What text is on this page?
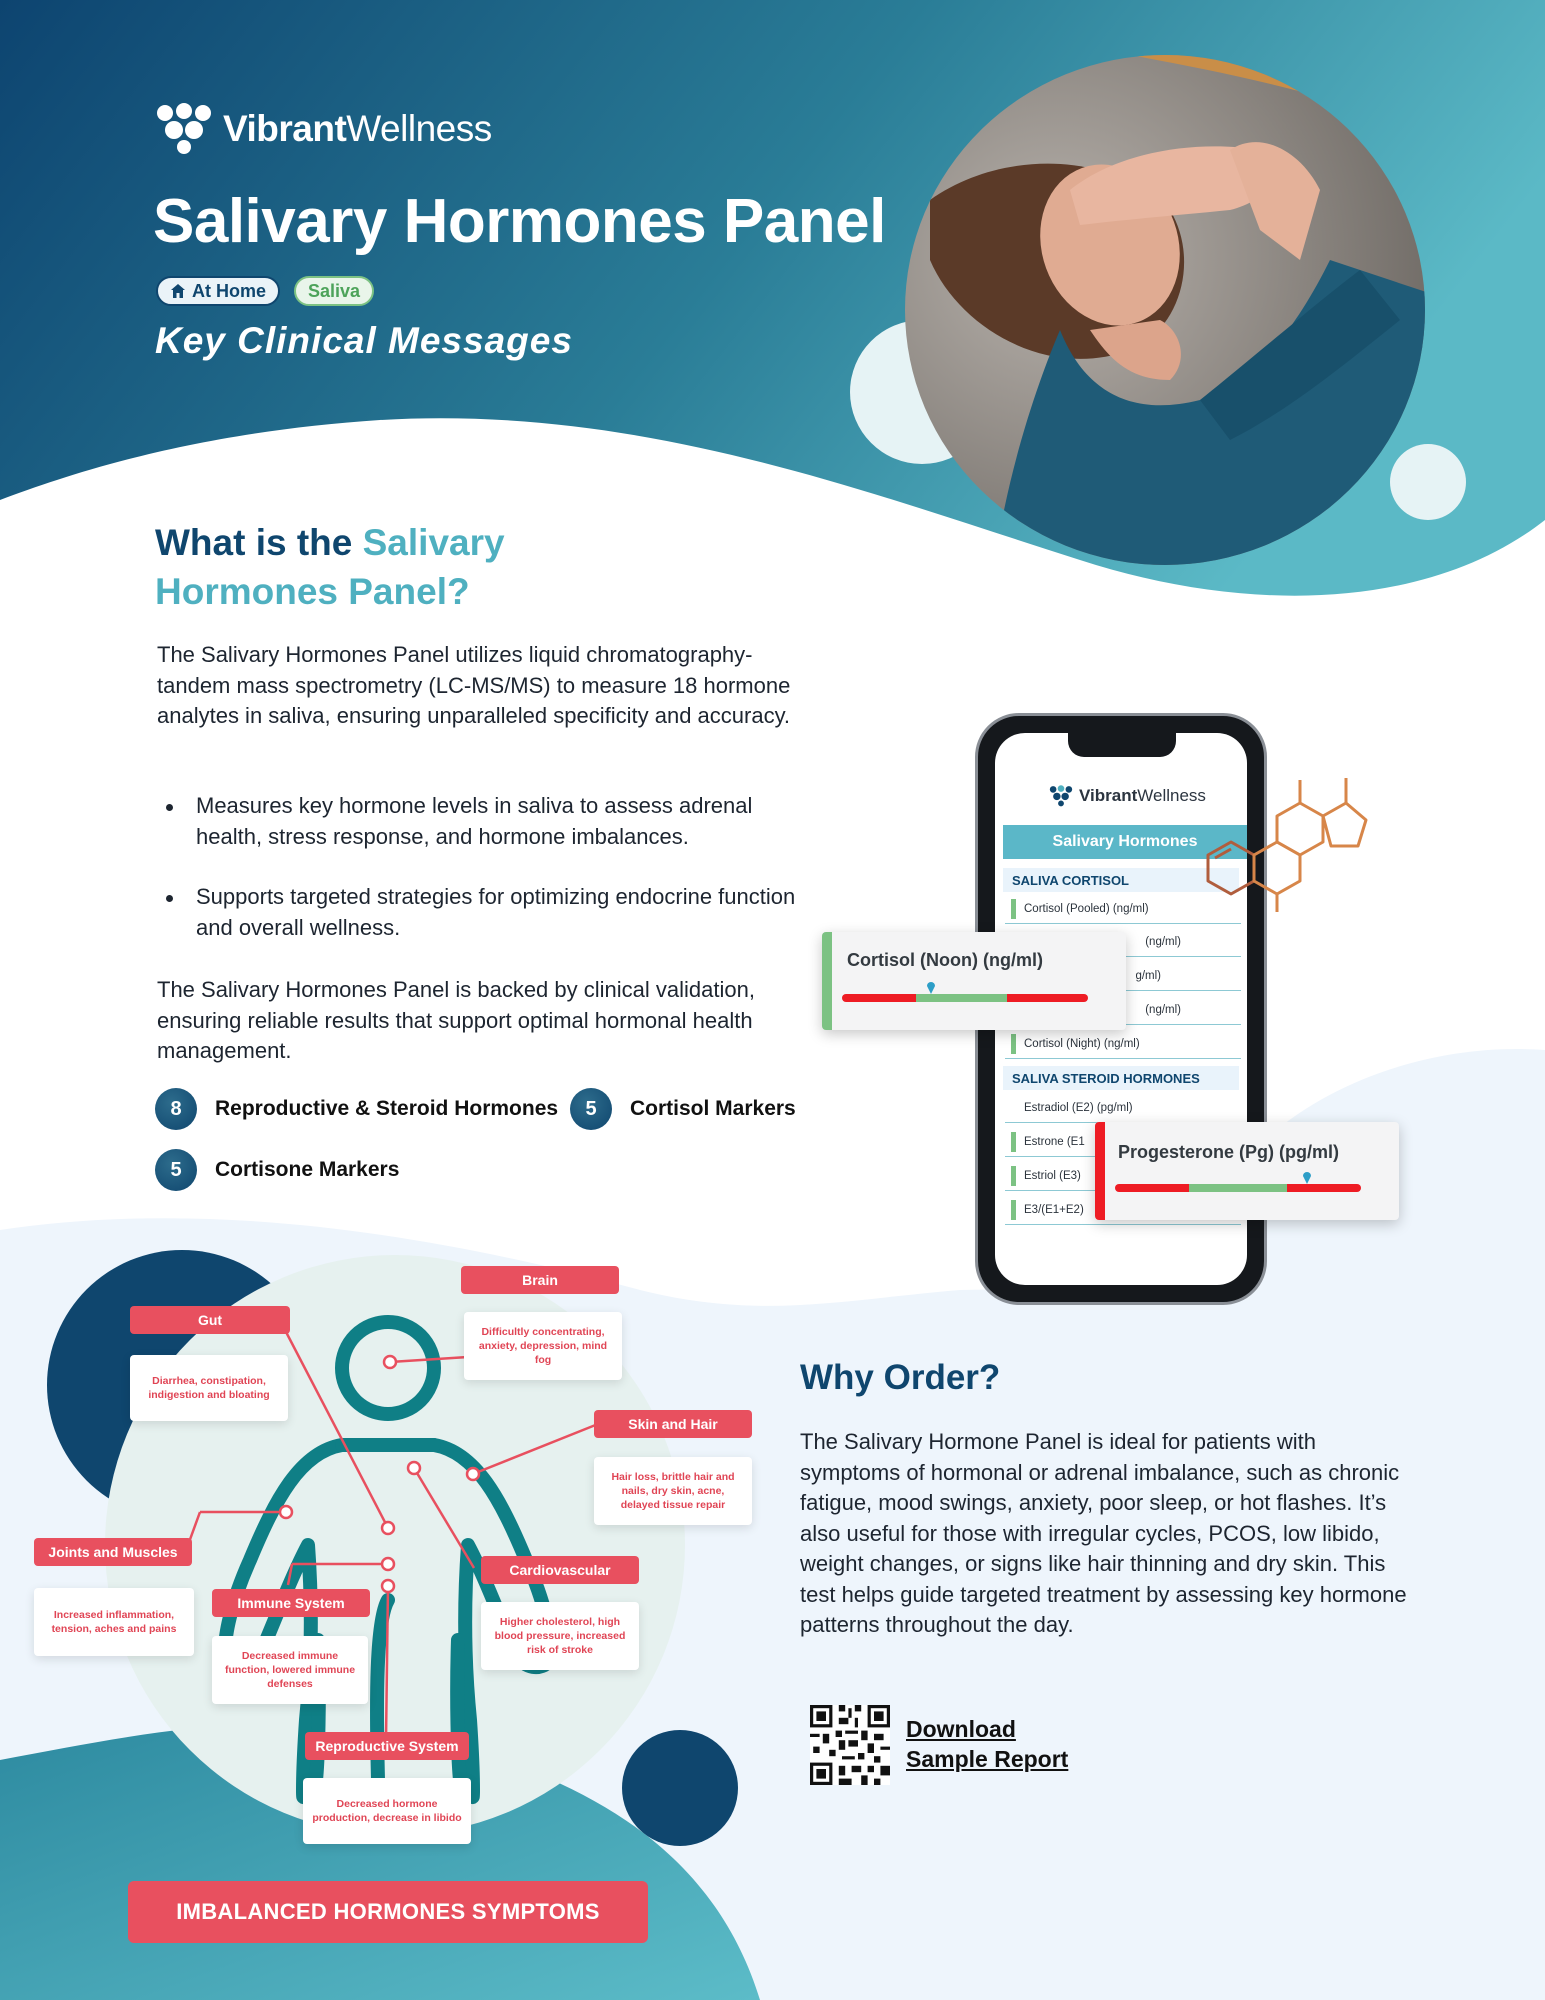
VibrantWellness
Salivary Hormones Panel
At Home Saliva
Key Clinical Messages
What is the Salivary Hormones Panel?
The Salivary Hormones Panel utilizes liquid chromatography-tandem mass spectrometry (LC-MS/MS) to measure 18 hormone analytes in saliva, ensuring unparalleled specificity and accuracy.
Measures key hormone levels in saliva to assess adrenal health, stress response, and hormone imbalances.
Supports targeted strategies for optimizing endocrine function and overall wellness.
The Salivary Hormones Panel is backed by clinical validation, ensuring reliable results that support optimal hormonal health management.
8	Reproductive & Steroid Hormones	5	Cortisol Markers
5	Cortisone Markers
VibrantWellness
Salivary Hormones
SALIVA CORTISOL
Cortisol (Pooled) (ng/ml)
(ng/ml)
g/ml)
(ng/ml)
Cortisol (Night) (ng/ml)
SALIVA STEROID HORMONES
Estradiol (E2) (pg/ml)
Estrone (E1
Estriol (E3)
E3/(E1+E2)
Cortisol (Noon) (ng/ml)
Progesterone (Pg) (pg/ml)
Why Order?
The Salivary Hormone Panel is ideal for patients with symptoms of hormonal or adrenal imbalance, such as chronic fatigue, mood swings, anxiety, poor sleep, or hot flashes. It’s also useful for those with irregular cycles, PCOS, low libido, weight changes, or signs like hair thinning and dry skin. This test helps guide targeted treatment by assessing key hormone patterns throughout the day.
Download
Sample Report
Gut
Diarrhea, constipation, indigestion and bloating
Brain
Difficultly concentrating, anxiety, depression, mind fog
Skin and Hair
Hair loss, brittle hair and nails, dry skin, acne, delayed tissue repair
Joints and Muscles
Increased inflammation, tension, aches and pains
Immune System
Decreased immune function, lowered immune defenses
Cardiovascular
Higher cholesterol, high blood pressure, increased risk of stroke
Reproductive System
Decreased hormone production, decrease in libido
IMBALANCED HORMONES SYMPTOMS
